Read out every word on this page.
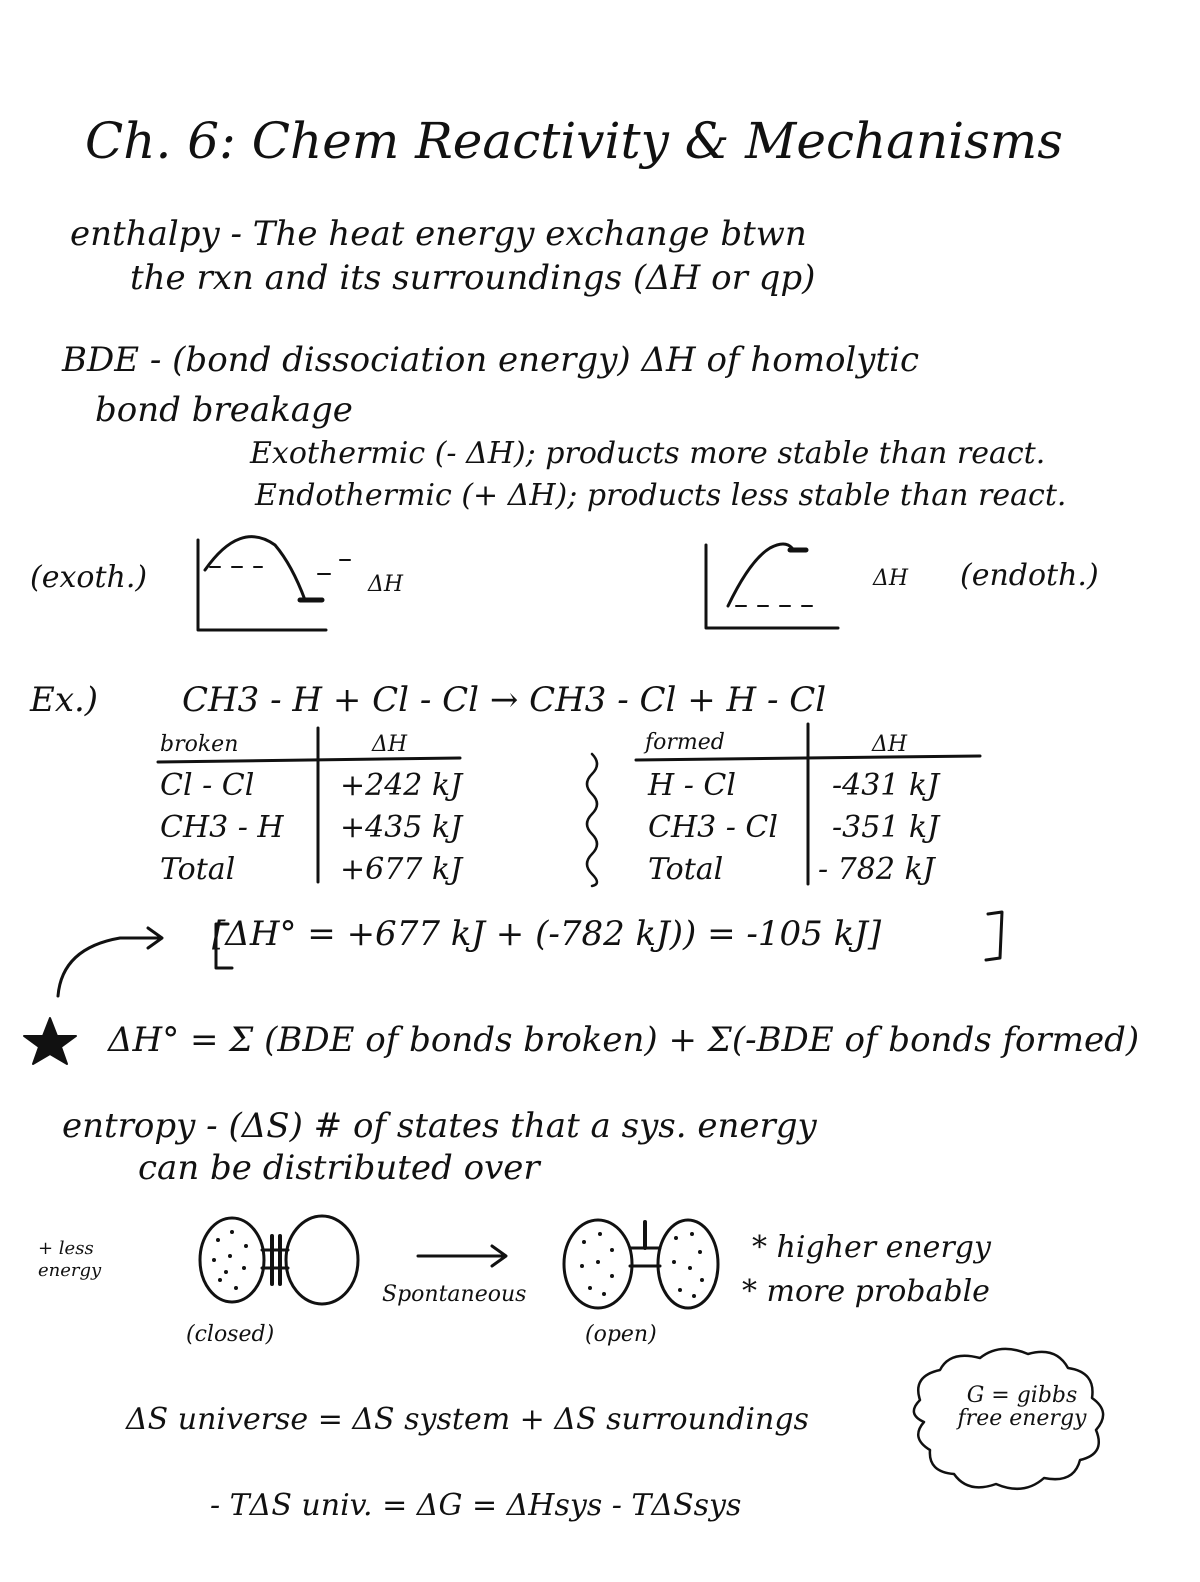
Ch. 6: Chem Reactivity & Mechanisms
enthalpy - The heat energy exchange btwn
the rxn and its surroundings (ΔH or qp)
BDE - (bond dissociation energy) ΔH of homolytic
bond breakage
Exothermic (- ΔH); products more stable than react.
Endothermic (+ ΔH); products less stable than react.
(exoth.)	ΔH	ΔH (endoth.)
Ex.) CH3 - H + Cl - Cl → CH3 - Cl + H - Cl
broken	ΔH
Cl - Cl	+242 kJ
CH3 - H +435 kJ
Total	+677 kJ
formed	ΔH
H - Cl	-431 kJ
CH3 - Cl -351 kJ
Total	- 782 kJ
[ΔH° = +677 kJ + (-782 kJ)) = -105 kJ]
ΔH° = Σ (BDE of bonds broken) + Σ(-BDE of bonds formed)
entropy - (ΔS) # of states that a sys. energy
can be distributed over
+ less energy
(closed)
Spontaneous
(open)
* higher energy
* more probable
ΔS universe = ΔS system + ΔS surroundings
- TΔS univ. = ΔG = ΔHsys - TΔSsys
G = gibbs free energy
